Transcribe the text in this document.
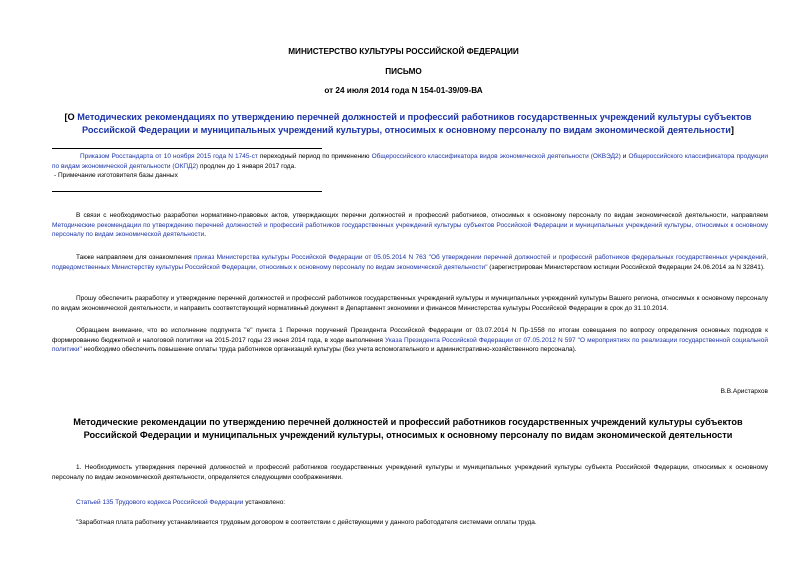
МИНИСТЕРСТВО КУЛЬТУРЫ РОССИЙСКОЙ ФЕДЕРАЦИИ
ПИСЬМО
от 24 июля 2014 года N 154-01-39/09-ВА
[О Методических рекомендациях по утверждению перечней должностей и профессий работников государственных учреждений культуры субъектов Российской Федерации и муниципальных учреждений культуры, относимых к основному персоналу по видам экономической деятельности]

Приказом Росстандарта от 10 ноября 2015 года N 1745-ст переходный период по применению Общероссийского классификатора видов экономической деятельности (ОКВЭД2) и Общероссийского классификатора продукции по видам экономической деятельности (ОКПД2) продлен до 1 января 2017 года.

- Примечание изготовителя базы данных

В связи с необходимостью разработки нормативно-правовых актов, утверждающих перечни должностей и профессий работников, относимых к основному персоналу по видам экономической деятельности, направляем Методические рекомендации по утверждению перечней должностей и профессий работников государственных учреждений культуры субъектов Российской Федерации и муниципальных учреждений культуры, относимых к основному персоналу по видам экономической деятельности.

Также направляем для ознакомления приказ Министерства культуры Российской Федерации от 05.05.2014 N 763 "Об утверждении перечней должностей и профессий работников федеральных государственных учреждений, подведомственных Министерству культуры Российской Федерации, относимых к основному персоналу по видам экономической деятельности" (зарегистрирован Министерством юстиции Российской Федерации 24.06.2014 за N 32841).

Прошу обеспечить разработку и утверждение перечней должностей и профессий работников государственных учреждений культуры и муниципальных учреждений культуры Вашего региона, относимых к основному персоналу по видам экономической деятельности, и направить соответствующий нормативный документ в Департамент экономики и финансов Министерства культуры Российской Федерации в срок до 31.10.2014.

Обращаем внимание, что во исполнение подпункта "е" пункта 1 Перечня поручений Президента Российской Федерации от 03.07.2014 N Пр-1558 по итогам совещания по вопросу определения основных подходов к формированию бюджетной и налоговой политики на 2015-2017 годы 23 июня 2014 года, в ходе выполнения Указа Президента Российской Федерации от 07.05.2012 N 597 "О мероприятиях по реализации государственной социальной политики" необходимо обеспечить повышение оплаты труда работников организаций культуры (без учета вспомогательного и административно-хозяйственного персонала).

В.В.Аристархов
Методические рекомендации по утверждению перечней должностей и профессий работников государственных учреждений культуры субъектов Российской Федерации и муниципальных учреждений культуры, относимых к основному персоналу по видам экономической деятельности

1. Необходимость утверждения перечней должностей и профессий работников государственных учреждений культуры и муниципальных учреждений культуры субъекта Российской Федерации, относимых к основному персоналу по видам экономической деятельности, определяется следующими соображениями.

Статьей 135 Трудового кодекса Российской Федерации установлено:
"Заработная плата работнику устанавливается трудовым договором в соответствии с действующими у данного работодателя системами оплаты труда.
